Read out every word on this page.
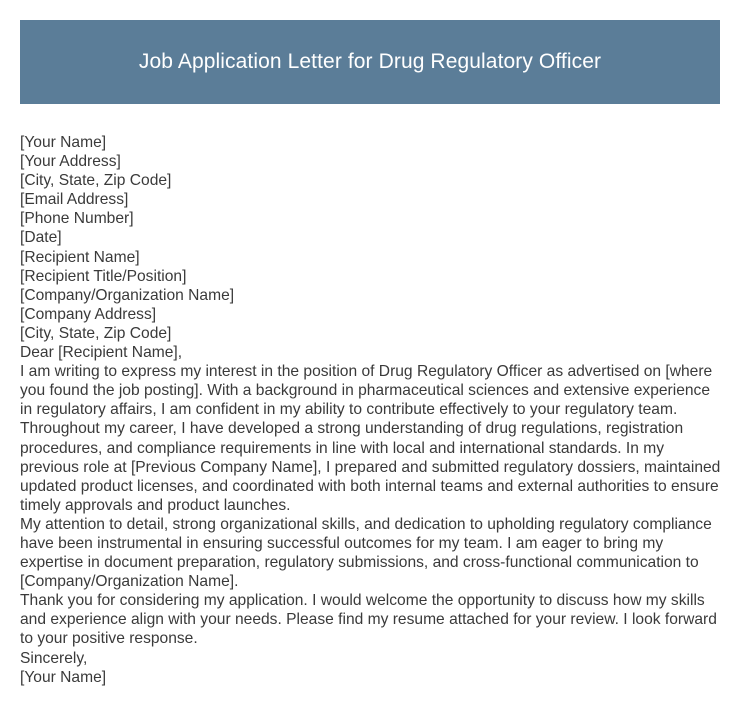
Job Application Letter for Drug Regulatory Officer
[Your Name]
[Your Address]
[City, State, Zip Code]
[Email Address]
[Phone Number]
[Date]
[Recipient Name]
[Recipient Title/Position]
[Company/Organization Name]
[Company Address]
[City, State, Zip Code]
Dear [Recipient Name],

I am writing to express my interest in the position of Drug Regulatory Officer as advertised on [where you found the job posting]. With a background in pharmaceutical sciences and extensive experience in regulatory affairs, I am confident in my ability to contribute effectively to your regulatory team.

Throughout my career, I have developed a strong understanding of drug regulations, registration procedures, and compliance requirements in line with local and international standards. In my previous role at [Previous Company Name], I prepared and submitted regulatory dossiers, maintained updated product licenses, and coordinated with both internal teams and external authorities to ensure timely approvals and product launches.

My attention to detail, strong organizational skills, and dedication to upholding regulatory compliance have been instrumental in ensuring successful outcomes for my team. I am eager to bring my expertise in document preparation, regulatory submissions, and cross-functional communication to [Company/Organization Name].

Thank you for considering my application. I would welcome the opportunity to discuss how my skills and experience align with your needs. Please find my resume attached for your review. I look forward to your positive response.

Sincerely,
[Your Name]
